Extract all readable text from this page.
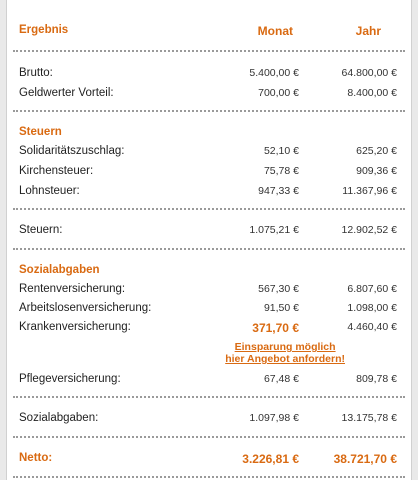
Ergebnis	Monat	Jahr
Brutto:	5.400,00 €	64.800,00 €
Geldwerter Vorteil:	700,00 €	8.400,00 €
Steuern
Solidaritätszuschlag:	52,10 €	625,20 €
Kirchensteuer:	75,78 €	909,36 €
Lohnsteuer:	947,33 €	11.367,96 €
Steuern:	1.075,21 €	12.902,52 €
Sozialabgaben
Rentenversicherung:	567,30 €	6.807,60 €
Arbeitslosenversicherung:	91,50 €	1.098,00 €
Krankenversicherung:	371,70 €	4.460,40 €
Einsparung möglich
hier Angebot anfordern!
Pflegeversicherung:	67,48 €	809,78 €
Sozialabgaben:	1.097,98 €	13.175,78 €
Netto:	3.226,81 €	38.721,70 €
